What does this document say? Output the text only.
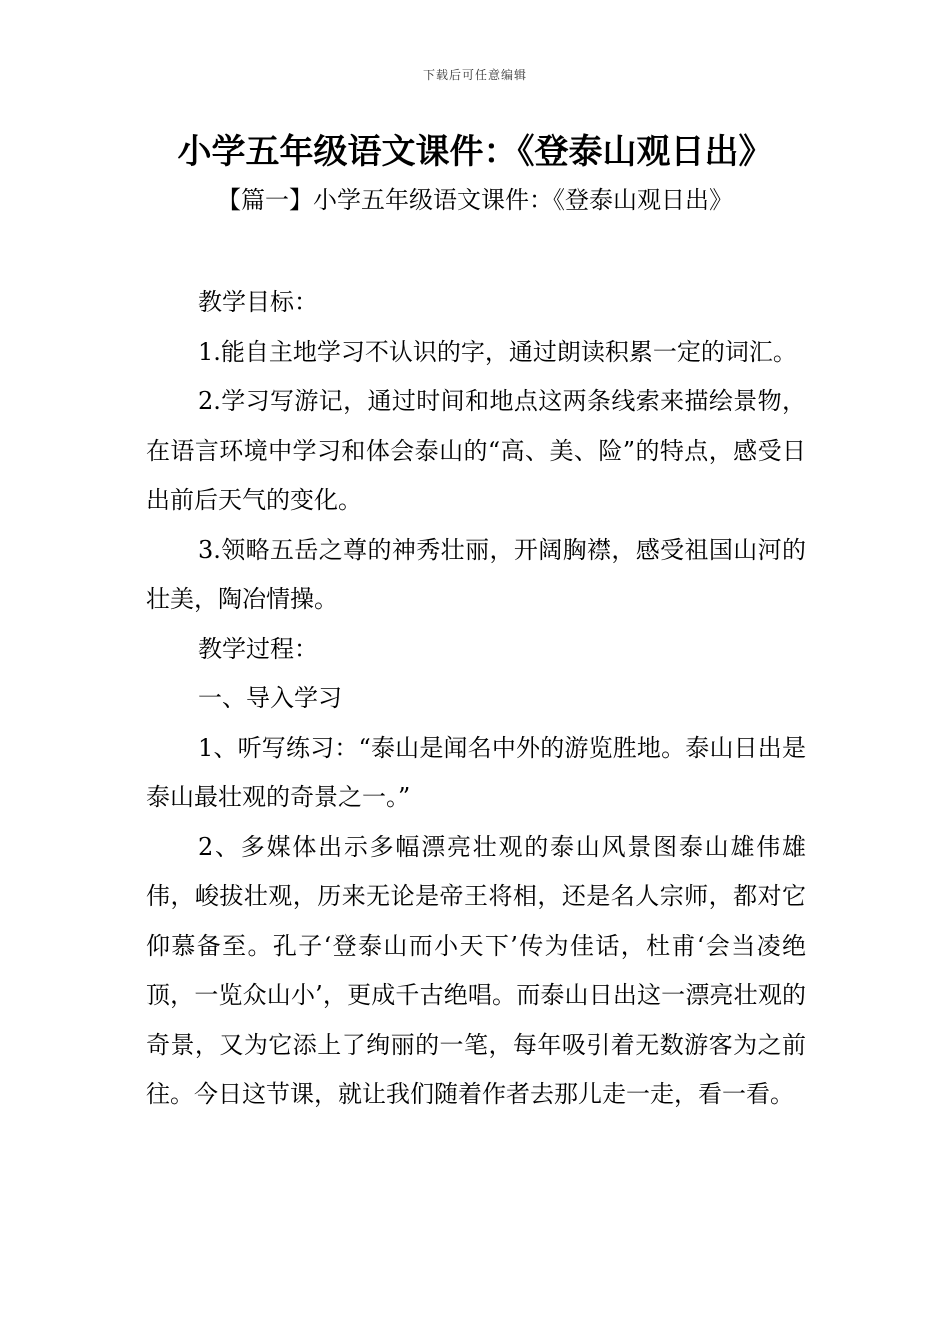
下载后可任意编辑
小学五年级语文课件：《登泰山观日出》
【篇一】小学五年级语文课件：《登泰山观日出》

教学目标：

1.能自主地学习不认识的字，通过朗读积累一定的词汇。

2.学习写游记，通过时间和地点这两条线索来描绘景物，在语言环境中学习和体会泰山的“高、美、险”的特点，感受日出前后天气的变化。

3.领略五岳之尊的神秀壮丽，开阔胸襟，感受祖国山河的壮美，陶冶情操。

教学过程：

一、导入学习

1、听写练习：“泰山是闻名中外的游览胜地。泰山日出是泰山最壮观的奇景之一。”

2、多媒体出示多幅漂亮壮观的泰山风景图泰山雄伟雄伟，峻拔壮观，历来无论是帝王将相，还是名人宗师，都对它仰慕备至。孔子‘登泰山而小天下’传为佳话，杜甫‘会当凌绝顶，一览众山小’，更成千古绝唱。而泰山日出这一漂亮壮观的奇景，又为它添上了绚丽的一笔，每年吸引着无数游客为之前往。今日这节课，就让我们随着作者去那儿走一走，看一看。
